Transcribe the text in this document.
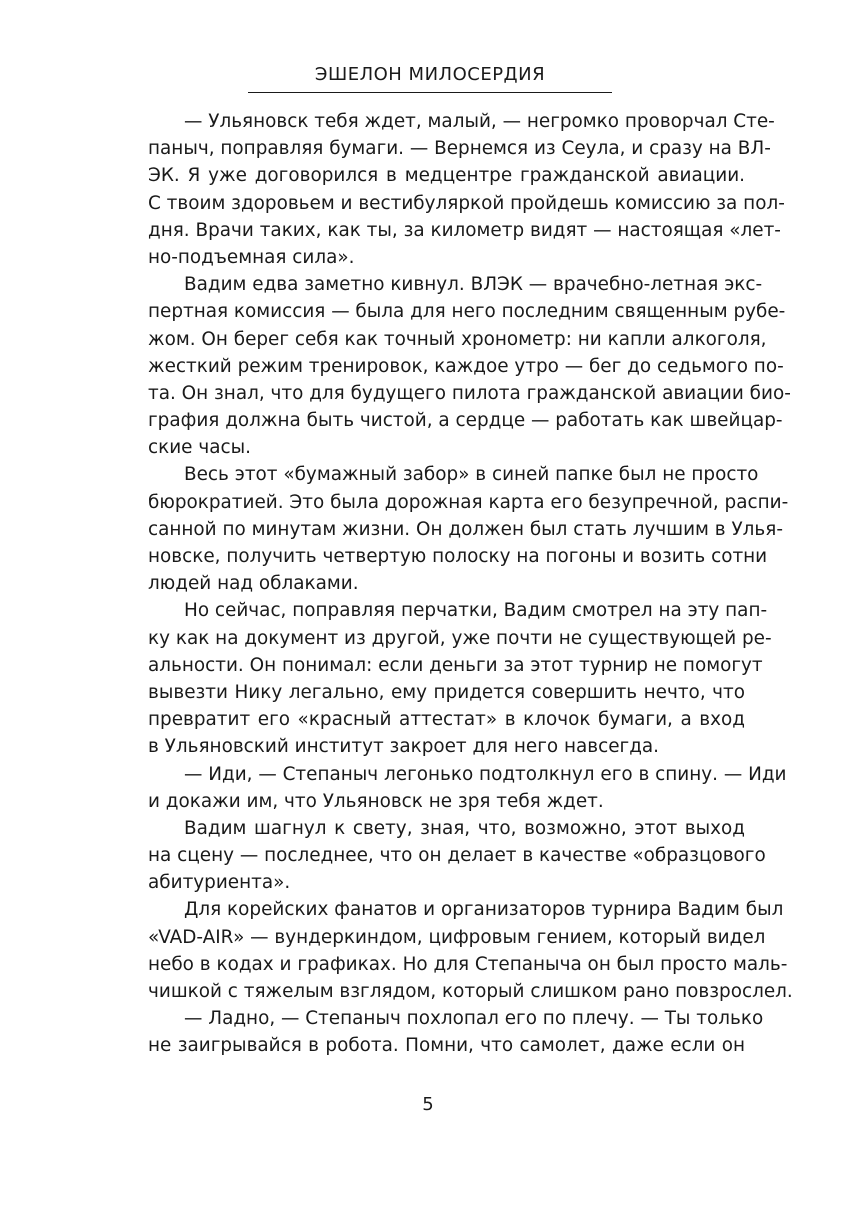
ЭШЕЛОН МИЛОСЕРДИЯ
— Ульяновск тебя ждет, малый, — негромко проворчал Сте-
паныч, поправляя бумаги. — Вернемся из Сеула, и сразу на ВЛ-
ЭК. Я уже договорился в медцентре гражданской авиации.
С твоим здоровьем и вестибуляркой пройдешь комиссию за пол-
дня. Врачи таких, как ты, за километр видят — настоящая «лет-
но-подъемная сила».
Вадим едва заметно кивнул. ВЛЭК — врачебно-летная экс-
пертная комиссия — была для него последним священным рубе-
жом. Он берег себя как точный хронометр: ни капли алкоголя,
жесткий режим тренировок, каждое утро — бег до седьмого по-
та. Он знал, что для будущего пилота гражданской авиации био-
графия должна быть чистой, а сердце — работать как швейцар-
ские часы.
Весь этот «бумажный забор» в синей папке был не просто
бюрократией. Это была дорожная карта его безупречной, распи-
санной по минутам жизни. Он должен был стать лучшим в Улья-
новске, получить четвертую полоску на погоны и возить сотни
людей над облаками.
Но сейчас, поправляя перчатки, Вадим смотрел на эту пап-
ку как на документ из другой, уже почти не существующей ре-
альности. Он понимал: если деньги за этот турнир не помогут
вывезти Нику легально, ему придется совершить нечто, что
превратит его «красный аттестат» в клочок бумаги, а вход
в Ульяновский институт закроет для него навсегда.
— Иди, — Степаныч легонько подтолкнул его в спину. — Иди
и докажи им, что Ульяновск не зря тебя ждет.
Вадим шагнул к свету, зная, что, возможно, этот выход
на сцену — последнее, что он делает в качестве «образцового
абитуриента».
Для корейских фанатов и организаторов турнира Вадим был
«VAD-AIR» — вундеркиндом, цифровым гением, который видел
небо в кодах и графиках. Но для Степаныча он был просто маль-
чишкой с тяжелым взглядом, который слишком рано повзрослел.
— Ладно, — Степаныч похлопал его по плечу. — Ты только
не заигрывайся в робота. Помни, что самолет, даже если он
5
